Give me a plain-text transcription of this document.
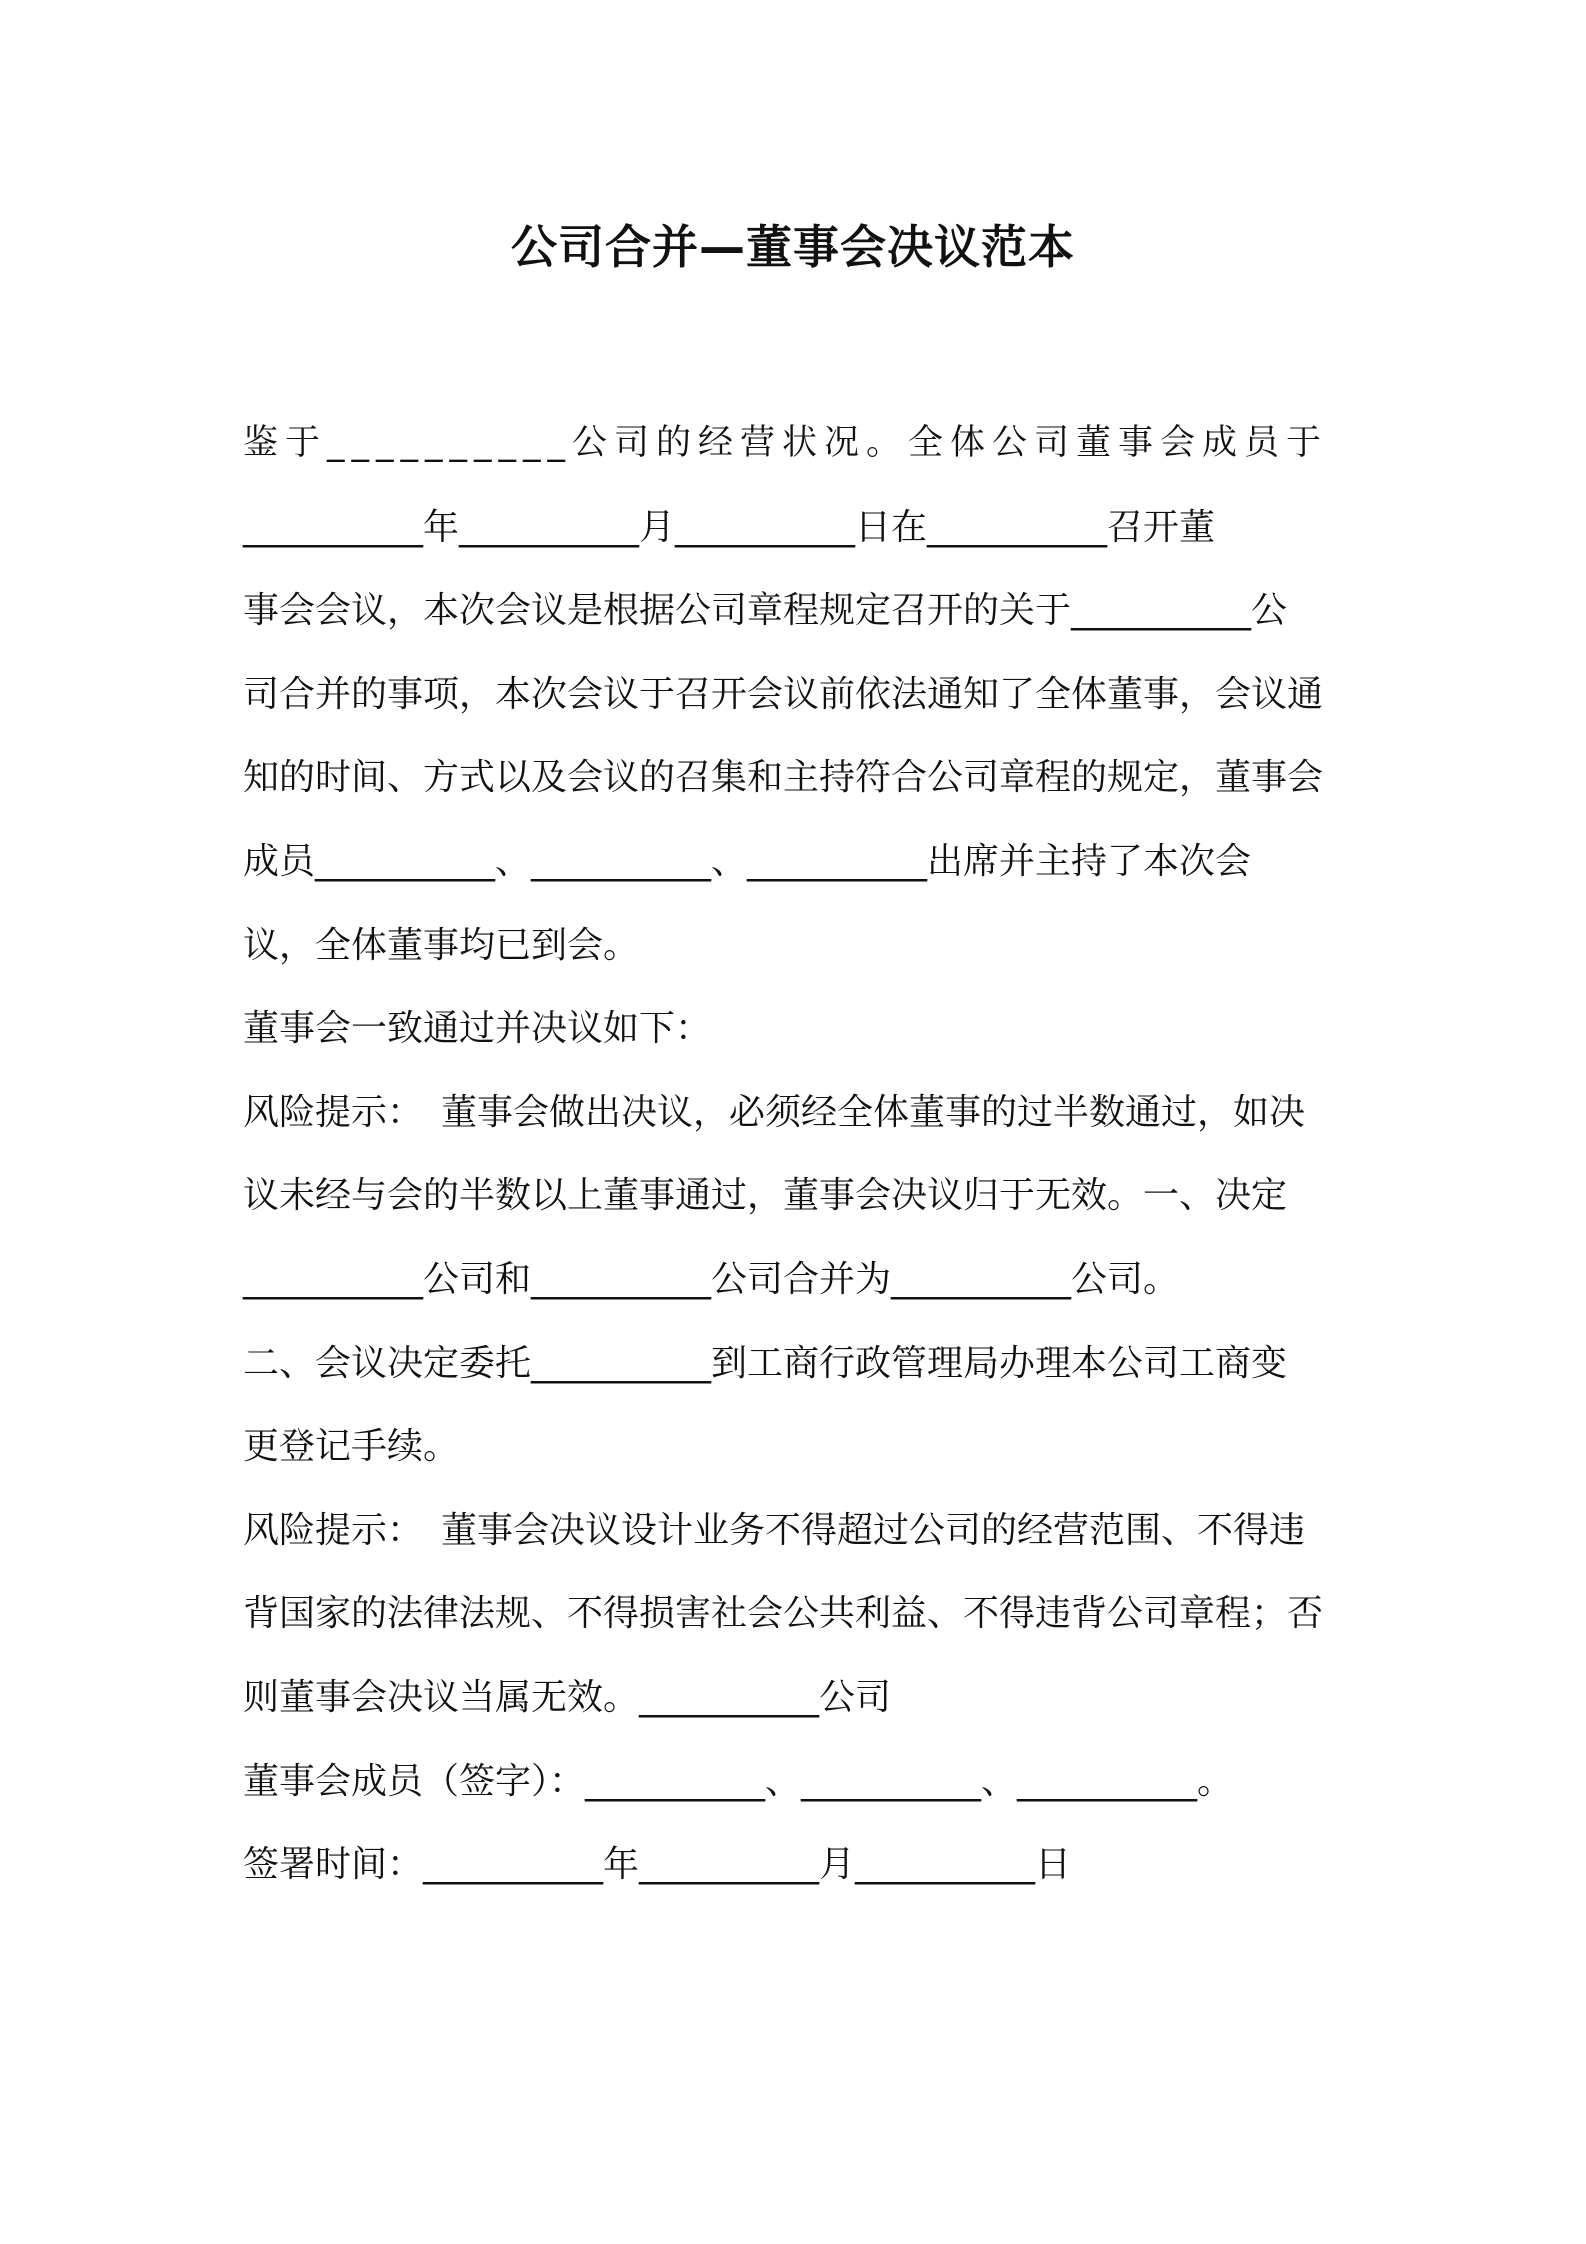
公司合并—董事会决议范本
鉴于__________公司的经营状况。全体公司董事会成员于
__________年__________月__________日在__________召开董
事会会议，本次会议是根据公司章程规定召开的关于__________公
司合并的事项，本次会议于召开会议前依法通知了全体董事，会议通
知的时间、方式以及会议的召集和主持符合公司章程的规定，董事会
成员__________、__________、__________出席并主持了本次会
议，全体董事均已到会。
董事会一致通过并决议如下：
风险提示：　董事会做出决议，必须经全体董事的过半数通过，如决
议未经与会的半数以上董事通过，董事会决议归于无效。一、决定
__________公司和__________公司合并为__________公司。
二、会议决定委托__________到工商行政管理局办理本公司工商变
更登记手续。
风险提示：　董事会决议设计业务不得超过公司的经营范围、不得违
背国家的法律法规、不得损害社会公共利益、不得违背公司章程；否
则董事会决议当属无效。__________公司
董事会成员（签字）：__________、__________、__________。
签署时间：__________年__________月__________日
